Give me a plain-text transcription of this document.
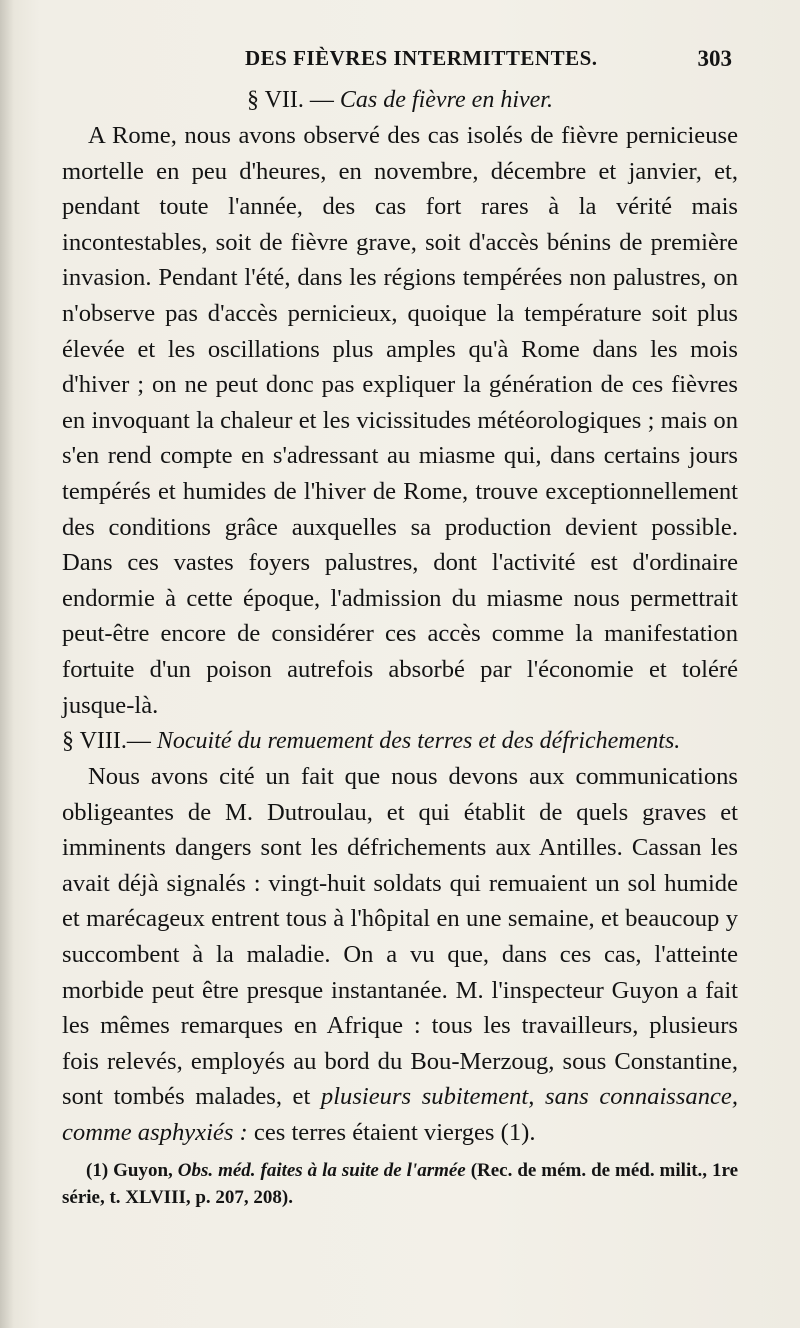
DES FIÈVRES INTERMITTENTES.	303
§ VII. — Cas de fièvre en hiver.

A Rome, nous avons observé des cas isolés de fièvre pernicieuse mortelle en peu d'heures, en novembre, décembre et janvier, et, pendant toute l'année, des cas fort rares à la vérité mais incontestables, soit de fièvre grave, soit d'accès bénins de première invasion. Pendant l'été, dans les régions tempérées non palustres, on n'observe pas d'accès pernicieux, quoique la température soit plus élevée et les oscillations plus amples qu'à Rome dans les mois d'hiver ; on ne peut donc pas expliquer la génération de ces fièvres en invoquant la chaleur et les vicissitudes météorologiques ; mais on s'en rend compte en s'adressant au miasme qui, dans certains jours tempérés et humides de l'hiver de Rome, trouve exceptionnellement des conditions grâce auxquelles sa production devient possible. Dans ces vastes foyers palustres, dont l'activité est d'ordinaire endormie à cette époque, l'admission du miasme nous permettrait peut-être encore de considérer ces accès comme la manifestation fortuite d'un poison autrefois absorbé par l'économie et toléré jusque-là.

§ VIII.— Nocuité du remuement des terres et des défrichements.

Nous avons cité un fait que nous devons aux communications obligeantes de M. Dutroulau, et qui établit de quels graves et imminents dangers sont les défrichements aux Antilles. Cassan les avait déjà signalés : vingt-huit soldats qui remuaient un sol humide et marécageux entrent tous à l'hôpital en une semaine, et beaucoup y succombent à la maladie. On a vu que, dans ces cas, l'atteinte morbide peut être presque instantanée. M. l'inspecteur Guyon a fait les mêmes remarques en Afrique : tous les travailleurs, plusieurs fois relevés, employés au bord du Bou-Merzoug, sous Constantine, sont tombés malades, et plusieurs subitement, sans connaissance, comme asphyxiés : ces terres étaient vierges (1).

(1) Guyon, Obs. méd. faites à la suite de l'armée (Rec. de mém. de méd. milit., 1re série, t. XLVIII, p. 207, 208).
